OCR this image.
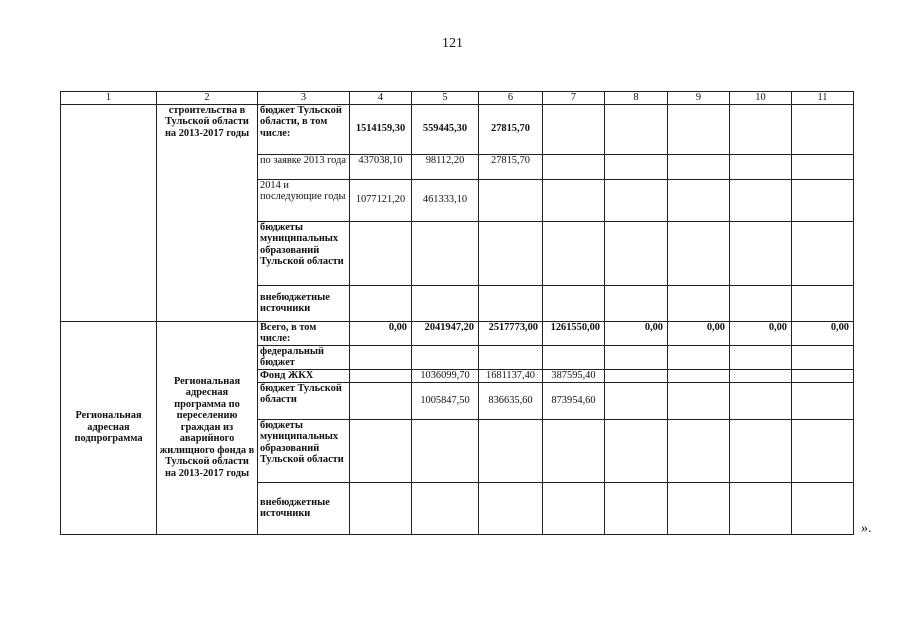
121
1	2	3	4	5	6	7	8	9	10	11
	строительства в Тульской области на 2013-2017 годы	бюджет Тульской области, в том числе:	1514159,30	559445,30	27815,70					
		по заявке 2013 года	437038,10	98112,20	27815,70					
		2014 и последующие годы	1077121,20	461333,10						
		бюджеты муниципальных образований Тульской области								
		внебюджетные источники								
Региональная адресная подпрограмма	Региональная адресная программа по переселению граждан из аварийного жилищного фонда в Тульской области на 2013-2017 годы	Всего, в том числе:	0,00	2041947,20	2517773,00	1261550,00	0,00	0,00	0,00	0,00
		федеральный бюджет								
		Фонд ЖКХ		1036099,70	1681137,40	387595,40				
		бюджет Тульской области		1005847,50	836635,60	873954,60				
		бюджеты муниципальных образований Тульской области								
		внебюджетные источники								
».
